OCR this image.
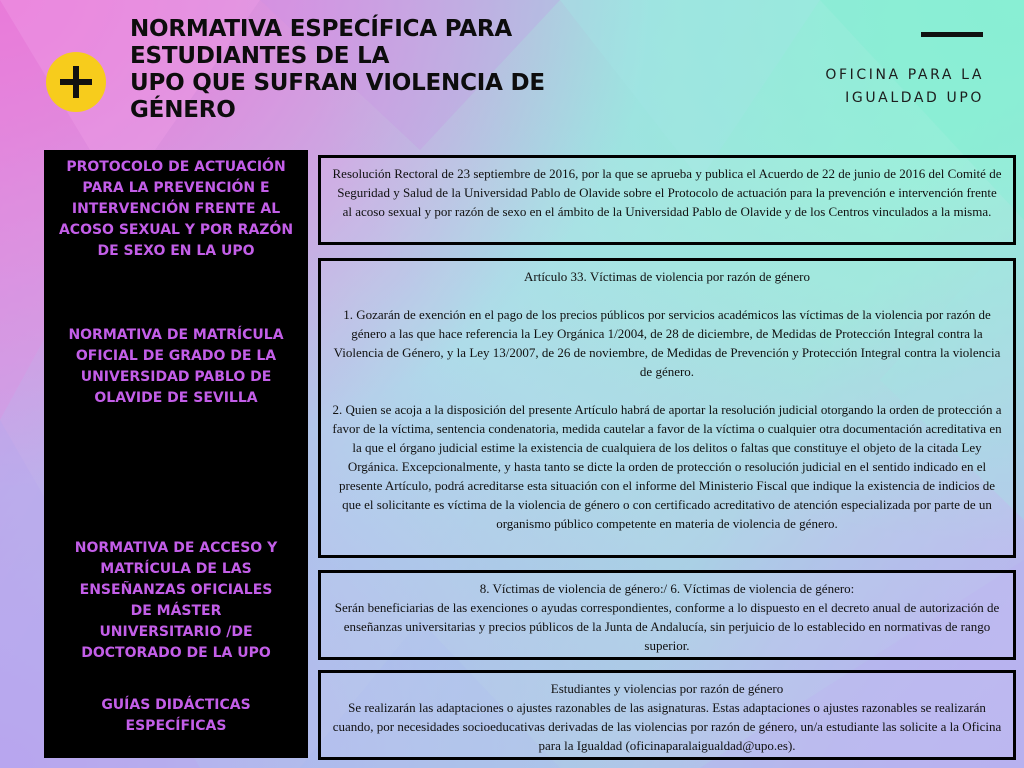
NORMATIVA ESPECÍFICA PARA
ESTUDIANTES DE LA
UPO QUE SUFRAN VIOLENCIA DE
GÉNERO
OFICINA PARA LA
IGUALDAD UPO
PROTOCOLO DE ACTUACIÓN
PARA LA PREVENCIÓN E
INTERVENCIÓN FRENTE AL
ACOSO SEXUAL Y POR RAZÓN
DE SEXO EN LA UPO
NORMATIVA DE MATRÍCULA
OFICIAL DE GRADO DE LA
UNIVERSIDAD PABLO DE
OLAVIDE DE SEVILLA
NORMATIVA DE ACCESO Y
MATRÍCULA DE LAS
ENSEÑANZAS OFICIALES
DE MÁSTER
UNIVERSITARIO /DE
DOCTORADO DE LA UPO
GUÍAS DIDÁCTICAS
ESPECÍFICAS

Resolución Rectoral de 23 septiembre de 2016, por la que se aprueba y publica el Acuerdo de 22 de junio de 2016 del Comité de Seguridad y Salud de la Universidad Pablo de Olavide sobre el Protocolo de actuación para la prevención e intervención frente al acoso sexual y por razón de sexo en el ámbito de la Universidad Pablo de Olavide y de los Centros vinculados a la misma.

Artículo 33. Víctimas de violencia por razón de género

1. Gozarán de exención en el pago de los precios públicos por servicios académicos las víctimas de la violencia por razón de género a las que hace referencia la Ley Orgánica 1/2004, de 28 de diciembre, de Medidas de Protección Integral contra la Violencia de Género, y la Ley 13/2007, de 26 de noviembre, de Medidas de Prevención y Protección Integral contra la violencia de género.

2. Quien se acoja a la disposición del presente Artículo habrá de aportar la resolución judicial otorgando la orden de protección a favor de la víctima, sentencia condenatoria, medida cautelar a favor de la víctima o cualquier otra documentación acreditativa en la que el órgano judicial estime la existencia de cualquiera de los delitos o faltas que constituye el objeto de la citada Ley Orgánica. Excepcionalmente, y hasta tanto se dicte la orden de protección o resolución judicial en el sentido indicado en el presente Artículo, podrá acreditarse esta situación con el informe del Ministerio Fiscal que indique la existencia de indicios de que el solicitante es víctima de la violencia de género o con certificado acreditativo de atención especializada por parte de un organismo público competente en materia de violencia de género.

8. Víctimas de violencia de género:/ 6. Víctimas de violencia de género:

Serán beneficiarias de las exenciones o ayudas correspondientes, conforme a lo dispuesto en el decreto anual de autorización de enseñanzas universitarias y precios públicos de la Junta de Andalucía, sin perjuicio de lo establecido en normativas de rango superior.

Estudiantes y violencias por razón de género

Se realizarán las adaptaciones o ajustes razonables de las asignaturas. Estas adaptaciones o ajustes razonables se realizarán cuando, por necesidades socioeducativas derivadas de las violencias por razón de género, un/a estudiante las solicite a la Oficina para la Igualdad (oficinaparalaigualdad@upo.es).
